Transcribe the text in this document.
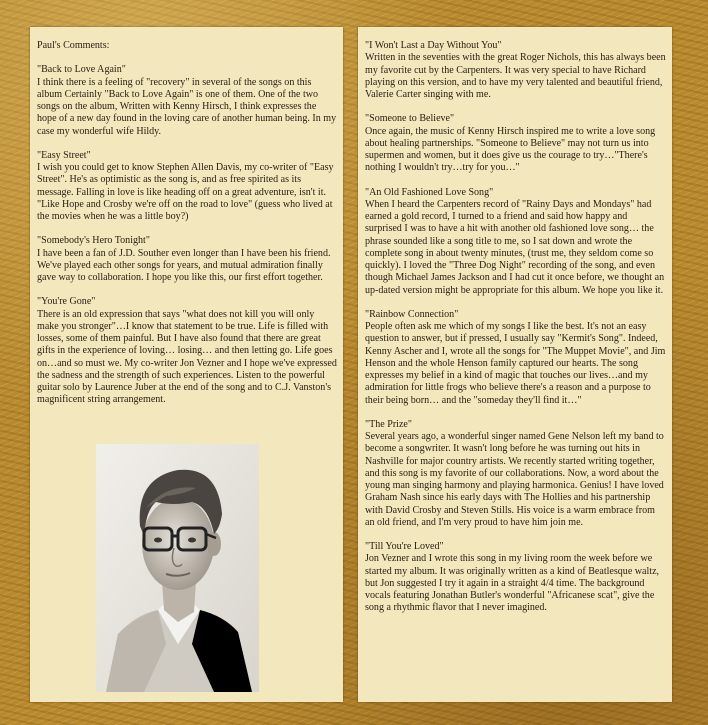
Paul's Comments:
"Back to Love Again"
I think there is a feeling of "recovery" in several of the songs on this album Certainly "Back to Love Again" is one of them. One of the two songs on the album, Written with Kenny Hirsch, I think expresses the hope of a new day found in the loving care of another human being. In my case my wonderful wife Hildy.
"Easy Street"
I wish you could get to know Stephen Allen Davis, my co-writer of "Easy Street". He's as optimistic as the song is, and as free spirited as its message. Falling in love is like heading off on a great adventure, isn't it. "Like Hope and Crosby we're off on the road to love" (guess who lived at the movies when he was a little boy?)
"Somebody's Hero Tonight"
I have been a fan of J.D. Souther even longer than I have been his friend. We've played each other songs for years, and mutual admiration finally gave way to collaboration. I hope you like this, our first effort together.
"You're Gone"
There is an old expression that says "what does not kill you will only make you stronger"…I know that statement to be true. Life is filled with losses, some of them painful. But I have also found that there are great gifts in the experience of loving… losing… and then letting go. Life goes on…and so must we. My co-writer Jon Vezner and I hope we've expressed the sadness and the strength of such experiences. Listen to the powerful guitar solo by Laurence Juber at the end of the song and to C.J. Vanston's magnificent string arrangement.
"I Won't Last a Day Without You"
Written in the seventies with the great Roger Nichols, this has always been my favorite cut by the Carpenters. It was very special to have Richard playing on this version, and to have my very talented and beautiful friend, Valerie Carter singing with me.
"Someone to Believe"
Once again, the music of Kenny Hirsch inspired me to write a love song about healing partnerships. "Someone to Believe" may not turn us into supermen and women, but it does give us the courage to try…"There's nothing I wouldn't try…try for you…"
"An Old Fashioned Love Song"
When I heard the Carpenters record of "Rainy Days and Mondays" had earned a gold record, I turned to a friend and said how happy and surprised I was to have a hit with another old fashioned love song… the phrase sounded like a song title to me, so I sat down and wrote the complete song in about twenty minutes, (trust me, they seldom come so quickly). I loved the "Three Dog Night" recording of the song, and even though Michael James Jackson and I had cut it once before, we thought an up-dated version might be appropriate for this album. We hope you like it.
"Rainbow Connection"
People often ask me which of my songs I like the best. It's not an easy question to answer, but if pressed, I usually say "Kermit's Song". Indeed, Kenny Ascher and I, wrote all the songs for "The Muppet Movie", and Jim Henson and the whole Henson family captured our hearts. The song expresses my belief in a kind of magic that touches our lives…and my admiration for little frogs who believe there's a reason and a purpose to their being born… and the "someday they'll find it…"
"The Prize"
Several years ago, a wonderful singer named Gene Nelson left my band to become a songwriter. It wasn't long before he was turning out hits in Nashville for major country artists. We recently started writing together, and this song is my favorite of our collaborations. Now, a word about the young man singing harmony and playing harmonica. Genius! I have loved Graham Nash since his early days with The Hollies and his partnership with David Crosby and Steven Stills. His voice is a warm embrace from an old friend, and I'm very proud to have him join me.
"Till You're Loved"
Jon Vezner and I wrote this song in my living room the week before we started my album. It was originally written as a kind of Beatlesque waltz, but Jon suggested I try it again in a straight 4/4 time. The background vocals featuring Jonathan Butler's wonderful "Africanese scat", give the song a rhythmic flavor that I never imagined.
